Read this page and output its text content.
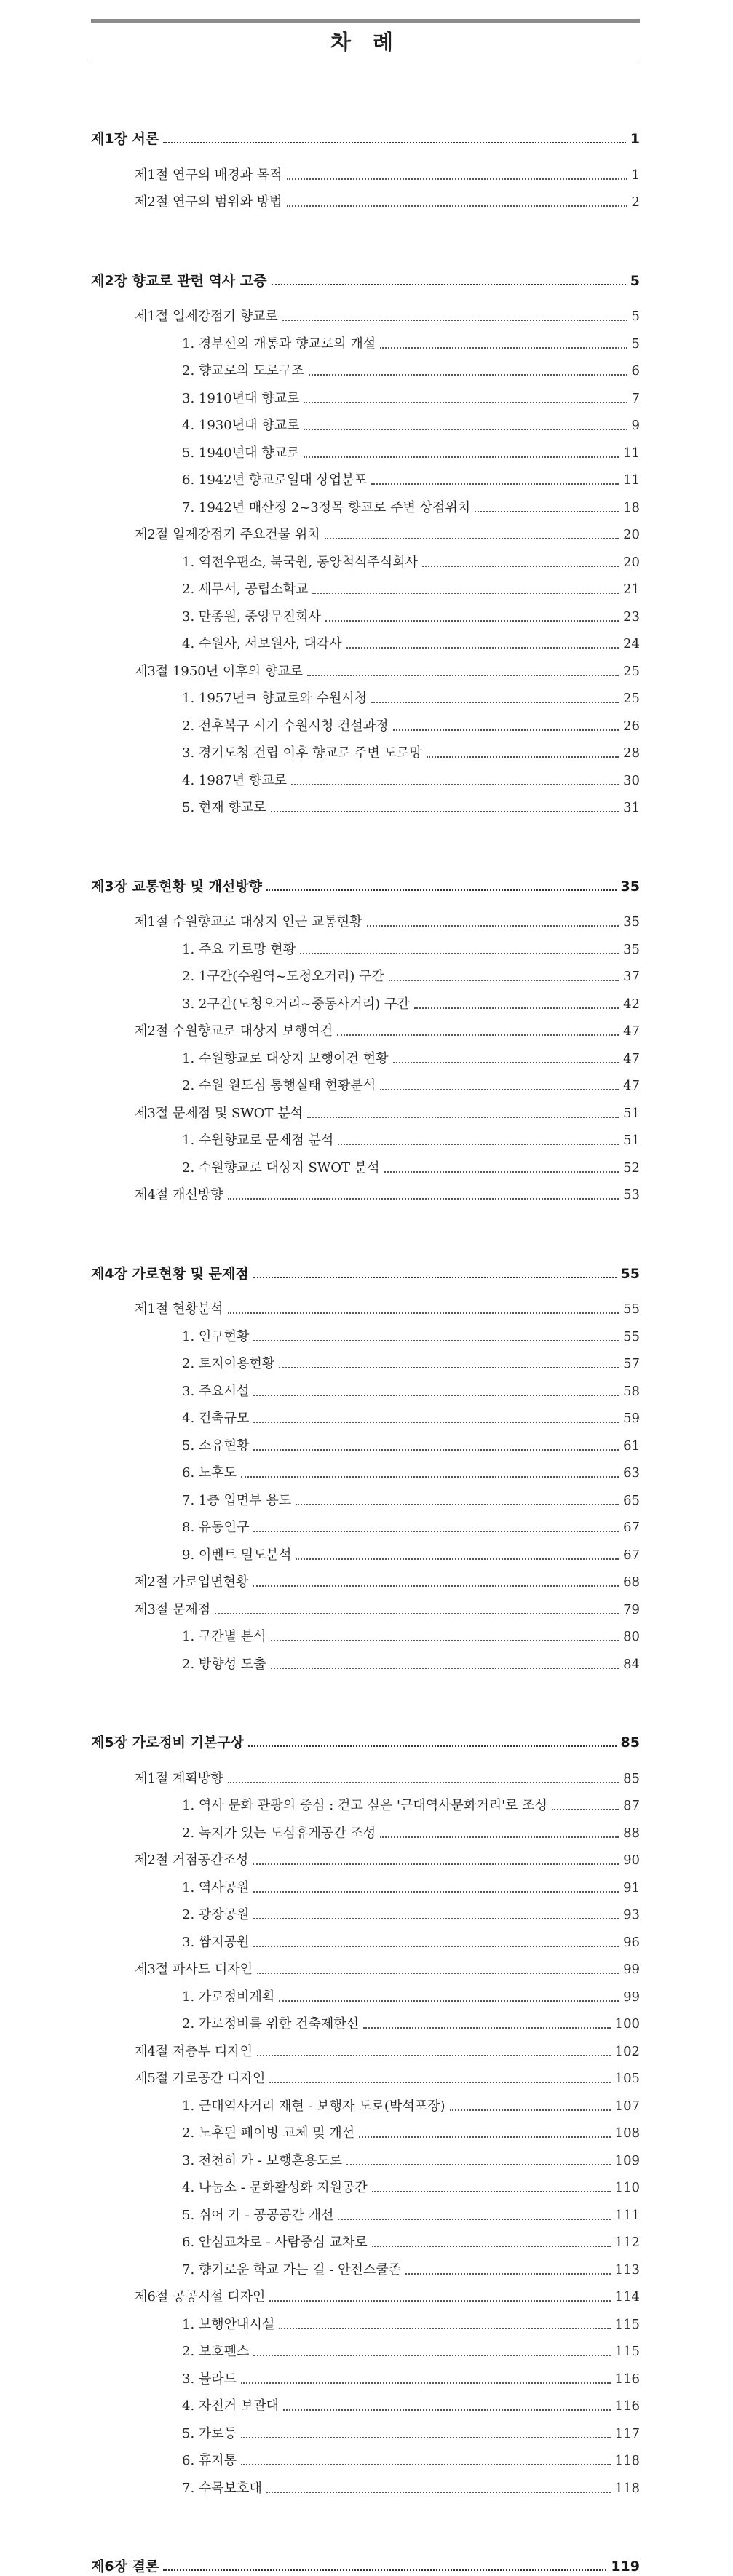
차 례
제1장 서론	1
제1절 연구의 배경과 목적	1
제2절 연구의 범위와 방법	2
제2장 향교로 관련 역사 고증	5
제1절 일제강점기 향교로	5
1. 경부선의 개통과 향교로의 개설	5
2. 향교로의 도로구조	6
3. 1910년대 향교로	7
4. 1930년대 향교로	9
5. 1940년대 향교로	11
6. 1942년 향교로일대 상업분포	11
7. 1942년 매산정 2~3정목 향교로 주변 상점위치	18
제2절 일제강점기 주요건물 위치	20
1. 역전우편소, 북국원, 동양척식주식회사	20
2. 세무서, 공립소학교	21
3. 만종원, 중앙무진회사	23
4. 수원사, 서보원사, 대각사	24
제3절 1950년 이후의 향교로	25
1. 1957년ㅋ 향교로와 수원시청	25
2. 전후복구 시기 수원시청 건설과정	26
3. 경기도청 건립 이후 향교로 주변 도로망	28
4. 1987년 향교로	30
5. 현재 향교로	31
제3장 교통현황 및 개선방향	35
제1절 수원향교로 대상지 인근 교통현황	35
1. 주요 가로망 현황	35
2. 1구간(수원역~도청오거리) 구간	37
3. 2구간(도청오거리~중동사거리) 구간	42
제2절 수원향교로 대상지 보행여건	47
1. 수원향교로 대상지 보행여건 현황	47
2. 수원 원도심 통행실태 현황분석	47
제3절 문제점 및 SWOT 분석	51
1. 수원향교로 문제점 분석	51
2. 수원향교로 대상지 SWOT 분석	52
제4절 개선방향	53
제4장 가로현황 및 문제점	55
제1절 현황분석	55
1. 인구현황	55
2. 토지이용현황	57
3. 주요시설	58
4. 건축규모	59
5. 소유현황	61
6. 노후도	63
7. 1층 입면부 용도	65
8. 유동인구	67
9. 이벤트 밀도분석	67
제2절 가로입면현황	68
제3절 문제점	79
1. 구간별 분석	80
2. 방향성 도출	84
제5장 가로정비 기본구상	85
제1절 계획방향	85
1. 역사 문화 관광의 중심 : 걷고 싶은 '근대역사문화거리'로 조성	87
2. 녹지가 있는 도심휴게공간 조성	88
제2절 거점공간조성	90
1. 역사공원	91
2. 광장공원	93
3. 쌈지공원	96
제3절 파사드 디자인	99
1. 가로정비계획	99
2. 가로정비를 위한 건축제한선	100
제4절 저층부 디자인	102
제5절 가로공간 디자인	105
1. 근대역사거리 재현 - 보행자 도로(박석포장)	107
2. 노후된 페이빙 교체 및 개선	108
3. 천천히 가 - 보행혼용도로	109
4. 나눔소 - 문화활성화 지원공간	110
5. 쉬어 가 - 공공공간 개선	111
6. 안심교차로 - 사람중심 교차로	112
7. 향기로운 학교 가는 길 - 안전스쿨존	113
제6절 공공시설 디자인	114
1. 보행안내시설	115
2. 보호펜스	115
3. 볼라드	116
4. 자전거 보관대	116
5. 가로등	117
6. 휴지통	118
7. 수목보호대	118
제6장 결론	119
